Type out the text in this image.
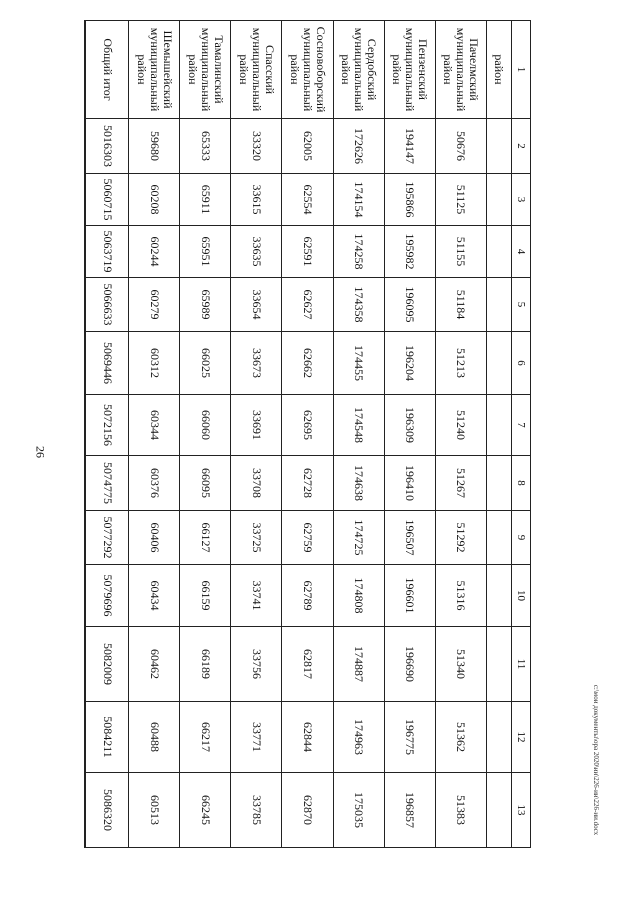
26
1	2	3	4	5	6	7	8	9	10	11	12	13
район												
Пачелмский муниципальный район	50676	51125	51155	51184	51213	51240	51267	51292	51316	51340	51362	51383
Пензенский муниципальный район	194147	195866	195982	196095	196204	196309	196410	196507	196601	196690	196775	196857
Сердобский муниципальный район	172626	174154	174258	174358	174455	174548	174638	174725	174808	174887	174963	175035
Сосновоборский муниципальный район	62005	62554	62591	62627	62662	62695	62728	62759	62789	62817	62844	62870
Спасский муниципальный район	33320	33615	33635	33654	33673	33691	33708	33725	33741	33756	33771	33785
Тамалинский муниципальный район	65333	65911	65951	65989	66025	66060	66095	66127	66159	66189	66217	66245
Шемышейский муниципальный район	59680	60208	60244	60279	60312	60344	60376	60406	60434	60462	60488	60513
Общий итог	5016303	5060715	5063719	5066633	5069446	5072156	5074775	5077292	5079696	5082009	5084211	5086320	c:\мои документы\ора 2020\ии\226-ии\226-ии.docx
